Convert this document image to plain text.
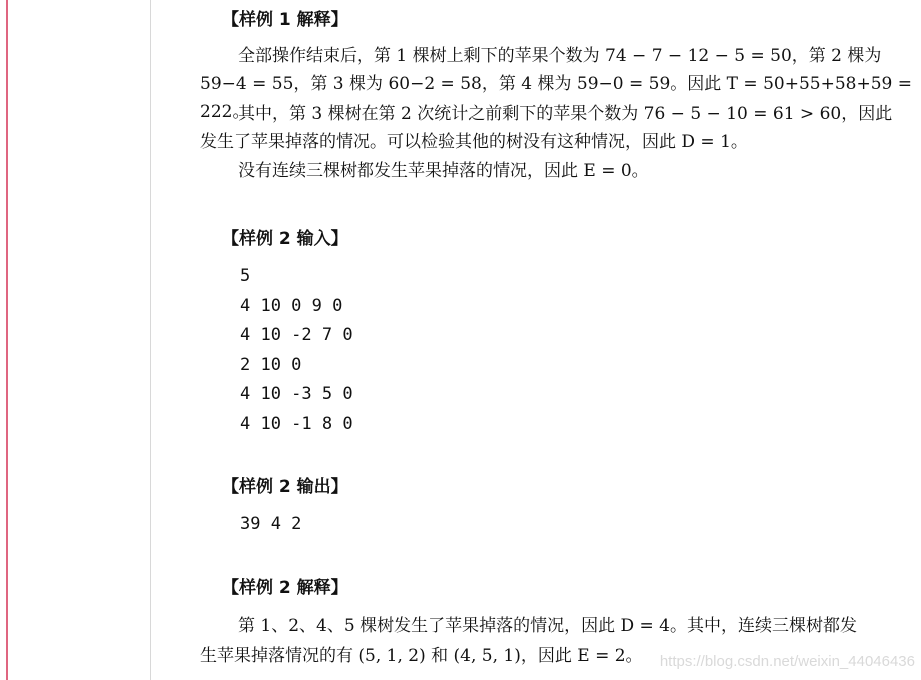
【样例 1 解释】
全部操作结束后，第 1 棵树上剩下的苹果个数为 74 − 7 − 12 − 5 = 50，第 2 棵为
59−4 = 55，第 3 棵为 60−2 = 58，第 4 棵为 59−0 = 59。因此 T = 50+55+58+59 = 222。
其中，第 3 棵树在第 2 次统计之前剩下的苹果个数为 76 − 5 − 10 = 61 > 60，因此
发生了苹果掉落的情况。可以检验其他的树没有这种情况，因此 D = 1。
没有连续三棵树都发生苹果掉落的情况，因此 E = 0。
【样例 2 输入】
5
4 10 0 9 0
4 10 -2 7 0
2 10 0
4 10 -3 5 0
4 10 -1 8 0
【样例 2 输出】
39 4 2
【样例 2 解释】
第 1、2、4、5 棵树发生了苹果掉落的情况，因此 D = 4。其中，连续三棵树都发
生苹果掉落情况的有 (5, 1, 2) 和 (4, 5, 1)，因此 E = 2。	https://blog.csdn.net/weixin_44046436
